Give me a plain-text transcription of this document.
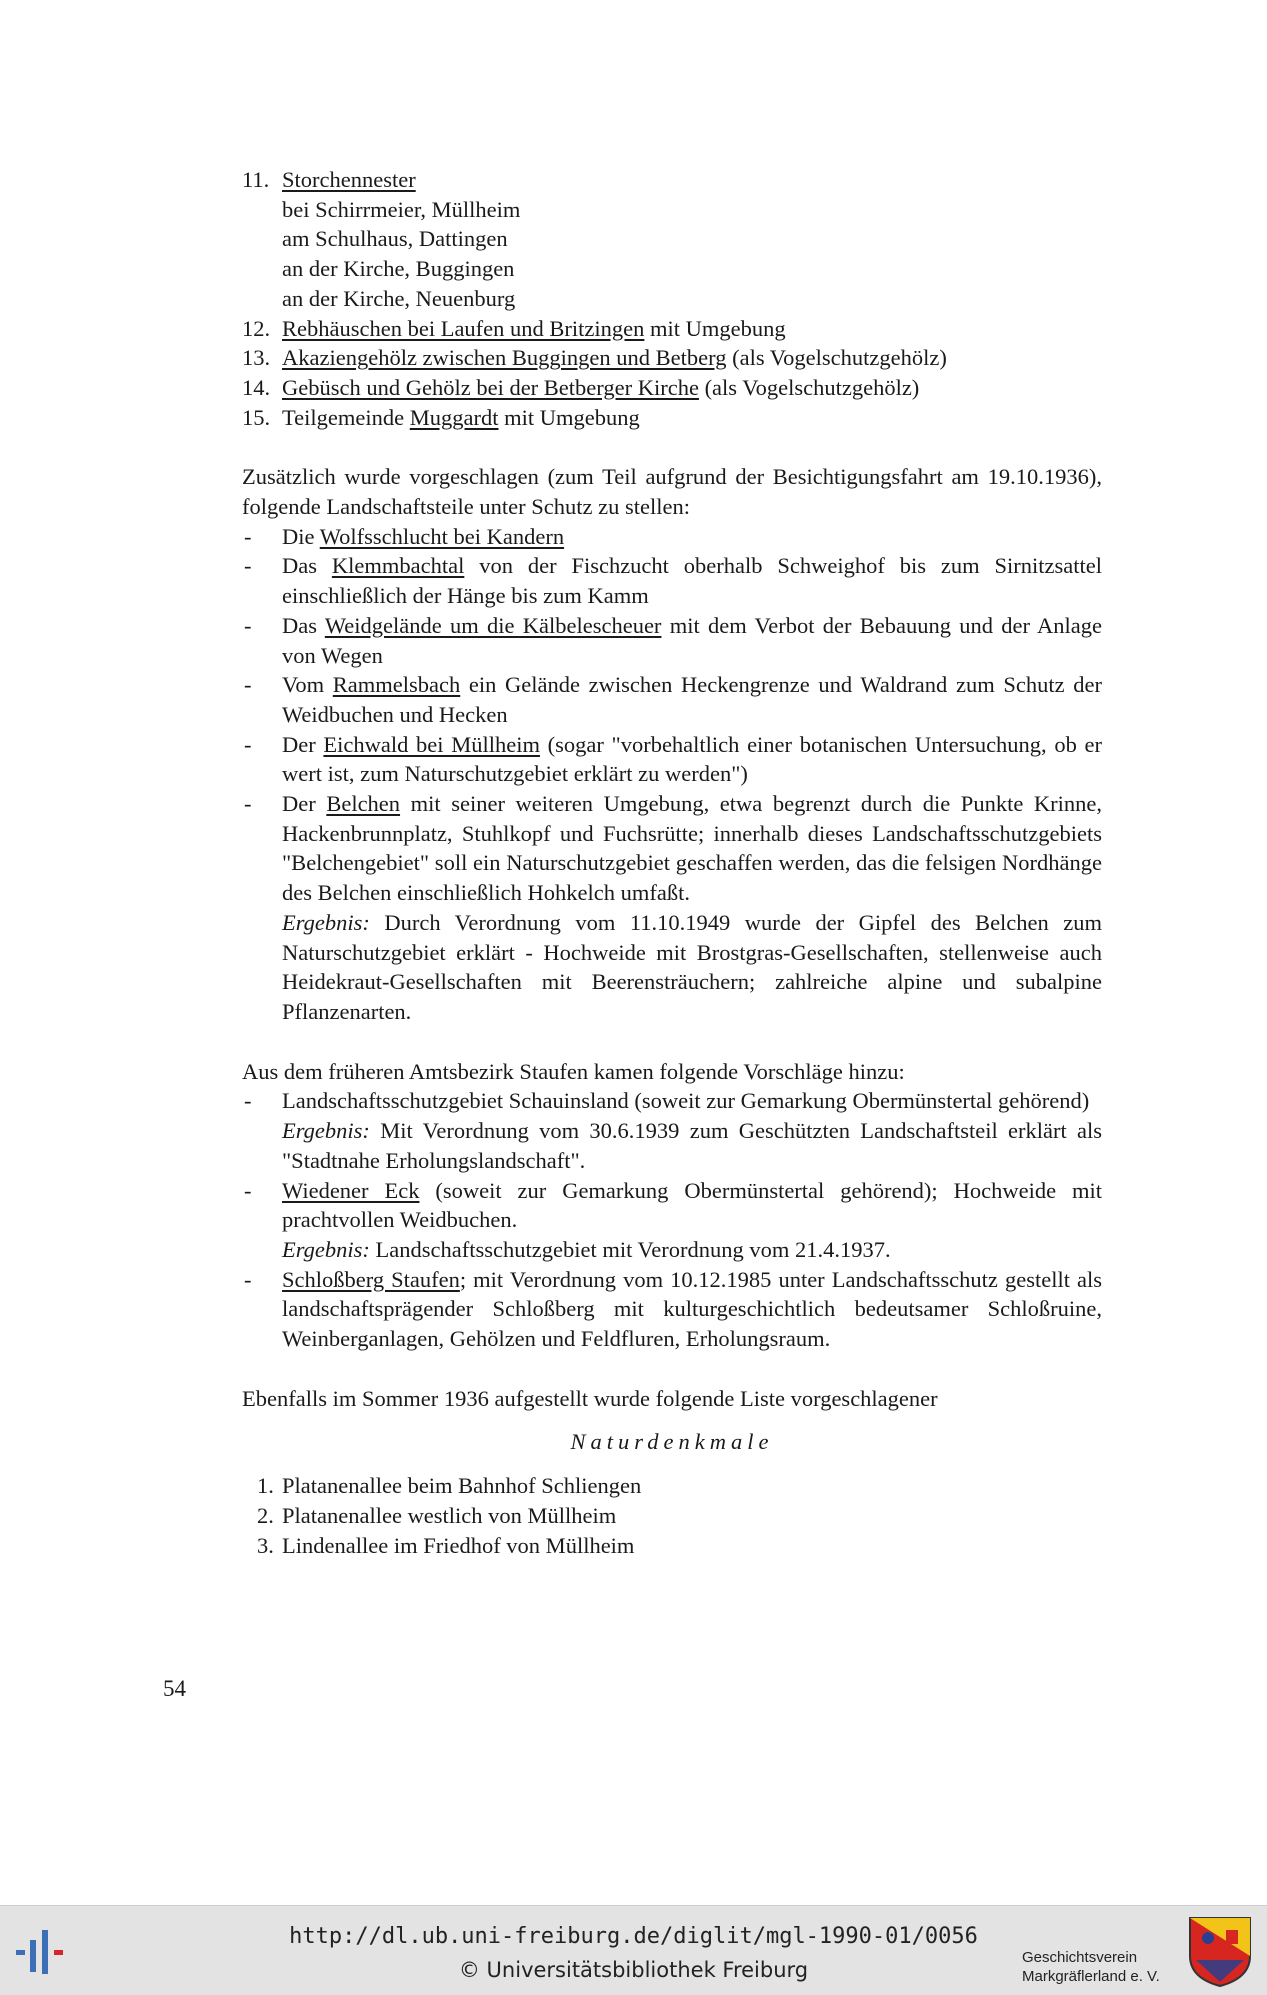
11. Storchennester
bei Schirrmeier, Müllheim
am Schulhaus, Dattingen
an der Kirche, Buggingen
an der Kirche, Neuenburg
12. Rebhäuschen bei Laufen und Britzingen mit Umgebung
13. Akaziengehölz zwischen Buggingen und Betberg (als Vogelschutzgehölz)
14. Gebüsch und Gehölz bei der Betberger Kirche (als Vogelschutzgehölz)
15. Teilgemeinde Muggardt mit Umgebung
Zusätzlich wurde vorgeschlagen (zum Teil aufgrund der Besichtigungsfahrt am 19.10.1936), folgende Landschaftsteile unter Schutz zu stellen:
-	Die Wolfsschlucht bei Kandern
-	Das Klemmbachtal von der Fischzucht oberhalb Schweighof bis zum Sirnitzsattel einschließlich der Hänge bis zum Kamm
-	Das Weidgelände um die Kälbelescheuer mit dem Verbot der Bebauung und der Anlage von Wegen
-	Vom Rammelsbach ein Gelände zwischen Heckengrenze und Waldrand zum Schutz der Weidbuchen und Hecken
-	Der Eichwald bei Müllheim (sogar "vorbehaltlich einer botanischen Untersuchung, ob er wert ist, zum Naturschutzgebiet erklärt zu werden")
-	Der Belchen mit seiner weiteren Umgebung, etwa begrenzt durch die Punkte Krinne, Hackenbrunnplatz, Stuhlkopf und Fuchsrütte; innerhalb dieses Landschaftsschutzgebiets "Belchengebiet" soll ein Naturschutzgebiet geschaffen werden, das die felsigen Nordhänge des Belchen einschließlich Hohkelch umfaßt.
Ergebnis: Durch Verordnung vom 11.10.1949 wurde der Gipfel des Belchen zum Naturschutzgebiet erklärt - Hochweide mit Brostgras-Gesellschaften, stellenweise auch Heidekraut-Gesellschaften mit Beerensträuchern; zahlreiche alpine und subalpine Pflanzenarten.
Aus dem früheren Amtsbezirk Staufen kamen folgende Vorschläge hinzu:
-	Landschaftsschutzgebiet Schauinsland (soweit zur Gemarkung Obermünstertal gehörend)
Ergebnis: Mit Verordnung vom 30.6.1939 zum Geschützten Landschaftsteil erklärt als "Stadtnahe Erholungslandschaft".
-	Wiedener Eck (soweit zur Gemarkung Obermünstertal gehörend); Hochweide mit prachtvollen Weidbuchen.
Ergebnis: Landschaftsschutzgebiet mit Verordnung vom 21.4.1937.
-	Schloßberg Staufen; mit Verordnung vom 10.12.1985 unter Landschaftsschutz gestellt als landschaftsprägender Schloßberg mit kulturgeschichtlich bedeutsamer Schloßruine, Weinberganlagen, Gehölzen und Feldfluren, Erholungsraum.
Ebenfalls im Sommer 1936 aufgestellt wurde folgende Liste vorgeschlagener

Naturdenkmale

1. Platanenallee beim Bahnhof Schliengen
2. Platanenallee westlich von Müllheim
3. Lindenallee im Friedhof von Müllheim
54
http://dl.ub.uni-freiburg.de/diglit/mgl-1990-01/0056
© Universitätsbibliothek Freiburg
Geschichtsverein
Markgräflerland e. V.
